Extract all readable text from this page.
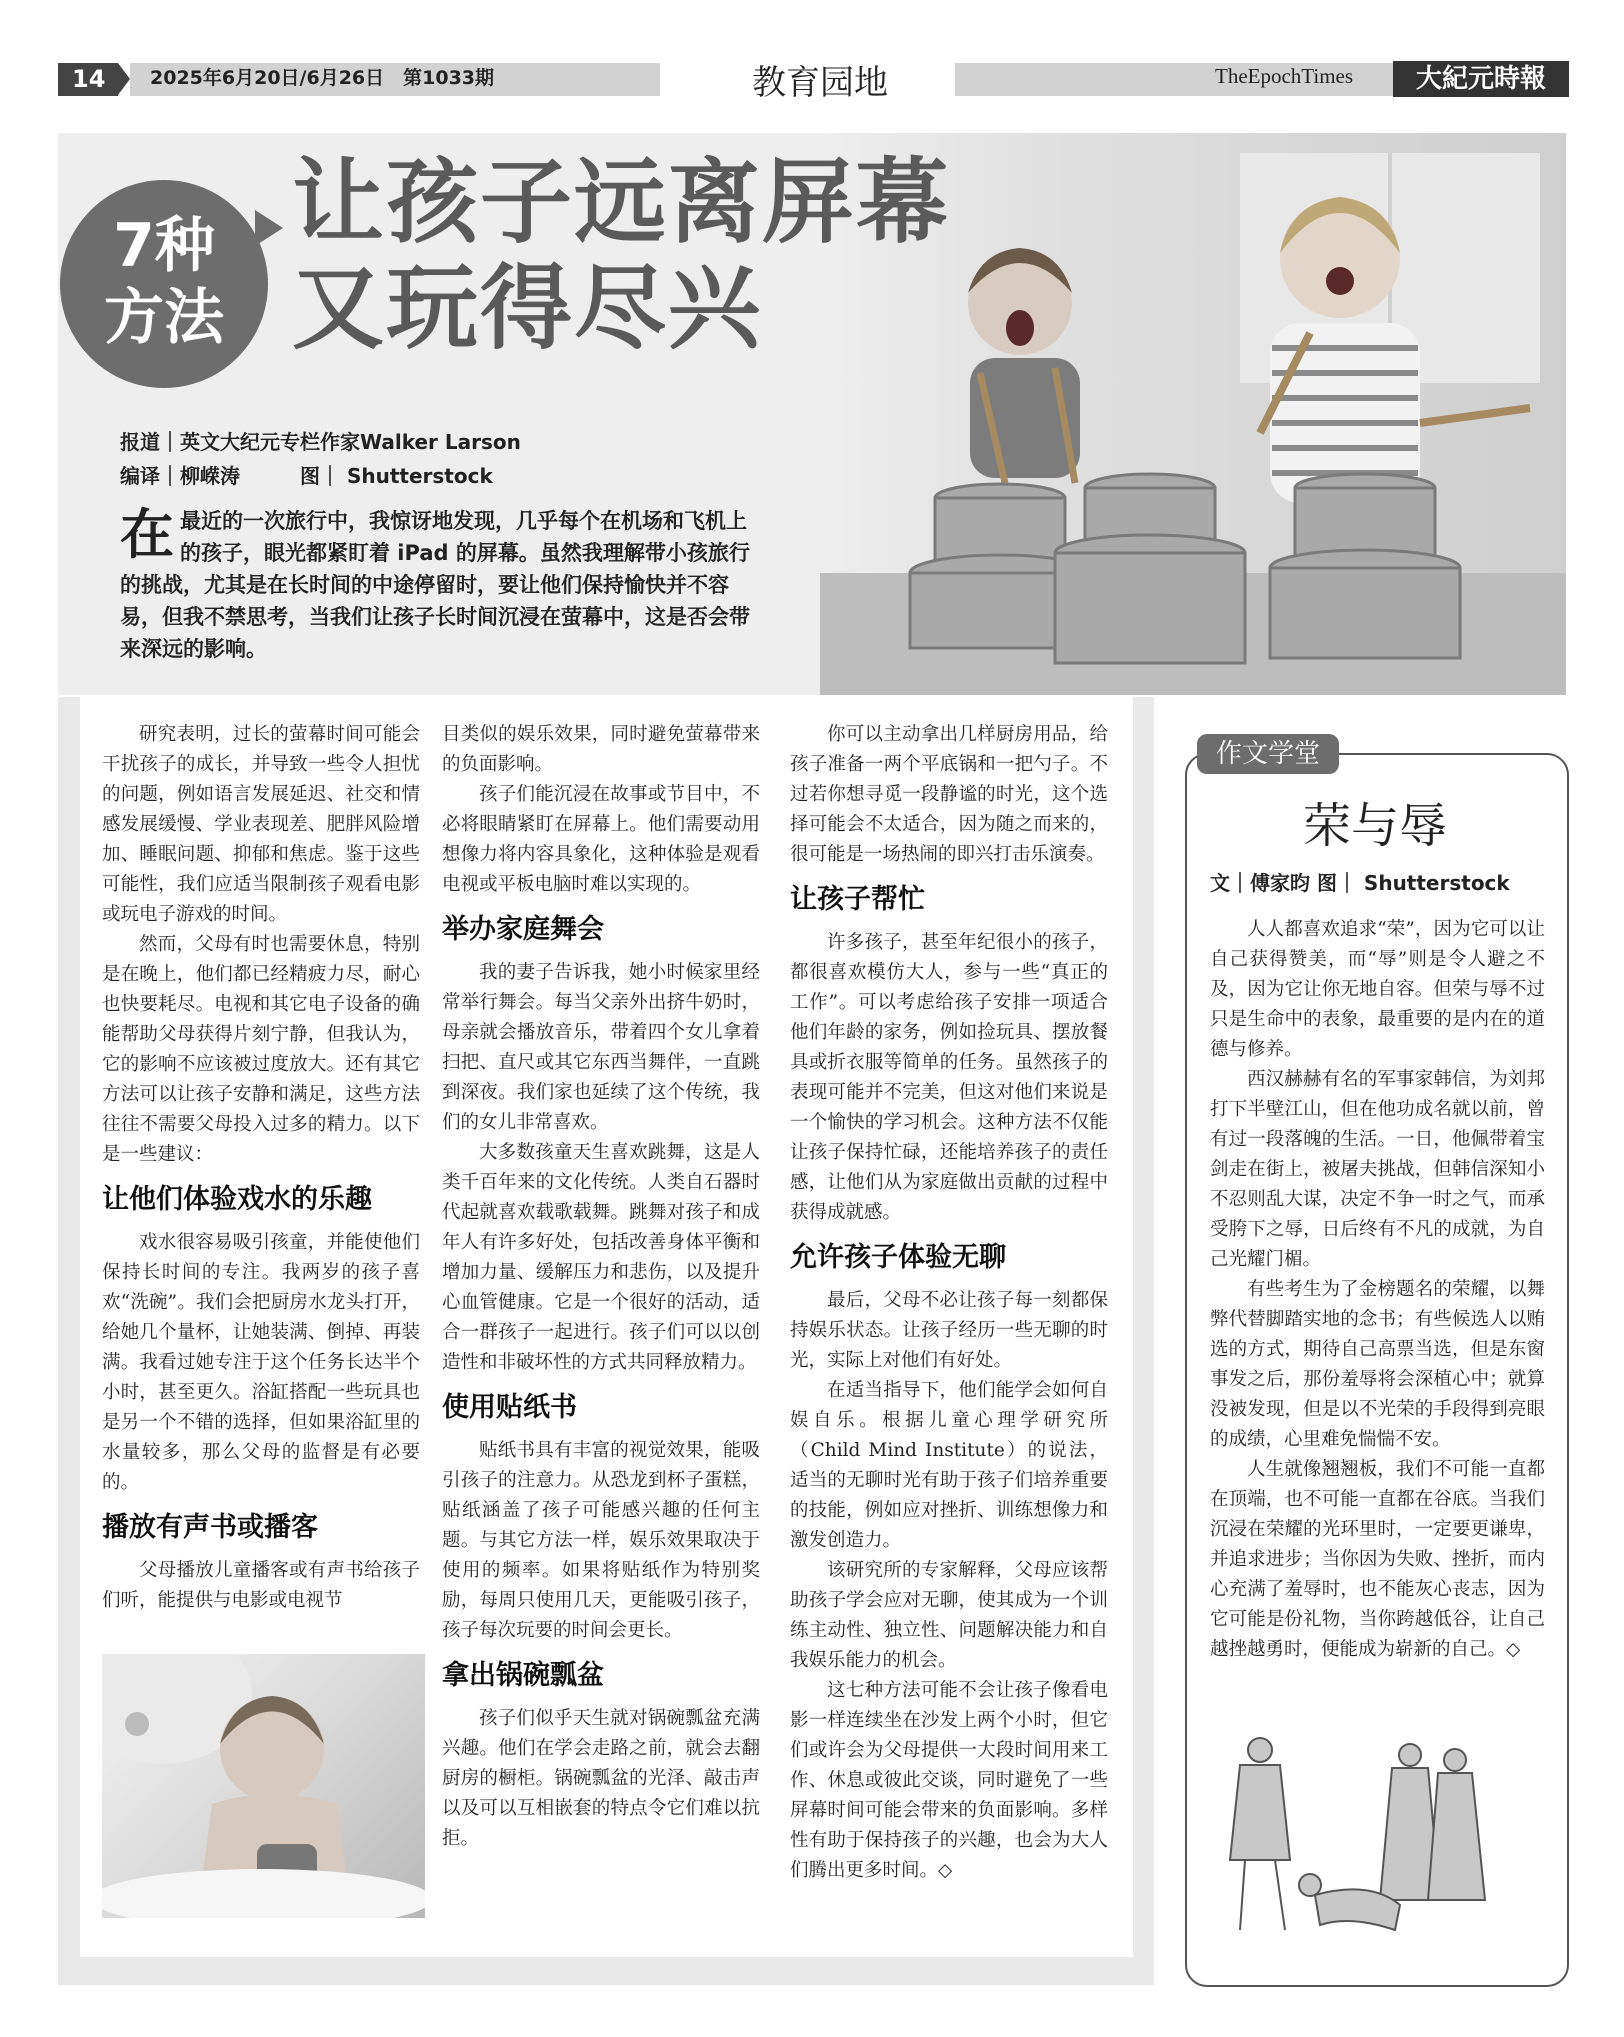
14	2025年6月20日/6月26日　第1033期	教育园地	TheEpochTimes	大紀元時報
7种
方法
让孩子远离屏幕
又玩得尽兴
报道｜英文大纪元专栏作家Walker Larson
编译｜柳嵘涛　　　图｜ Shutterstock
在 最近的一次旅行中，我惊讶地发现，几乎每个在机场和飞机上的孩子，眼光都紧盯着 iPad 的屏幕。虽然我理解带小孩旅行的挑战，尤其是在长时间的中途停留时，要让他们保持愉快并不容易，但我不禁思考，当我们让孩子长时间沉浸在萤幕中，这是否会带来深远的影响。

研究表明，过长的萤幕时间可能会干扰孩子的成长，并导致一些令人担忧的问题，例如语言发展延迟、社交和情感发展缓慢、学业表现差、肥胖风险增加、睡眠问题、抑郁和焦虑。鉴于这些可能性，我们应适当限制孩子观看电影或玩电子游戏的时间。

然而，父母有时也需要休息，特别是在晚上，他们都已经精疲力尽，耐心也快要耗尽。电视和其它电子设备的确能帮助父母获得片刻宁静，但我认为，它的影响不应该被过度放大。还有其它方法可以让孩子安静和满足，这些方法往往不需要父母投入过多的精力。以下是一些建议：

让他们体验戏水的乐趣

戏水很容易吸引孩童，并能使他们保持长时间的专注。我两岁的孩子喜欢“洗碗”。我们会把厨房水龙头打开，给她几个量杯，让她装满、倒掉、再装满。我看过她专注于这个任务长达半个小时，甚至更久。浴缸搭配一些玩具也是另一个不错的选择，但如果浴缸里的水量较多，那么父母的监督是有必要的。

播放有声书或播客

父母播放儿童播客或有声书给孩子们听，能提供与电影或电视节

目类似的娱乐效果，同时避免萤幕带来的负面影响。

孩子们能沉浸在故事或节目中，不必将眼睛紧盯在屏幕上。他们需要动用想像力将内容具象化，这种体验是观看电视或平板电脑时难以实现的。

举办家庭舞会

我的妻子告诉我，她小时候家里经常举行舞会。每当父亲外出挤牛奶时，母亲就会播放音乐，带着四个女儿拿着扫把、直尺或其它东西当舞伴，一直跳到深夜。我们家也延续了这个传统，我们的女儿非常喜欢。

大多数孩童天生喜欢跳舞，这是人类千百年来的文化传统。人类自石器时代起就喜欢载歌载舞。跳舞对孩子和成年人有许多好处，包括改善身体平衡和增加力量、缓解压力和悲伤，以及提升心血管健康。它是一个很好的活动，适合一群孩子一起进行。孩子们可以以创造性和非破坏性的方式共同释放精力。

使用贴纸书

贴纸书具有丰富的视觉效果，能吸引孩子的注意力。从恐龙到杯子蛋糕，贴纸涵盖了孩子可能感兴趣的任何主题。与其它方法一样，娱乐效果取决于使用的频率。如果将贴纸作为特别奖励，每周只使用几天，更能吸引孩子，孩子每次玩要的时间会更长。

拿出锅碗瓢盆

孩子们似乎天生就对锅碗瓢盆充满兴趣。他们在学会走路之前，就会去翻厨房的橱柜。锅碗瓢盆的光泽、敲击声以及可以互相嵌套的特点令它们难以抗拒。

你可以主动拿出几样厨房用品，给孩子准备一两个平底锅和一把勺子。不过若你想寻觅一段静谧的时光，这个选择可能会不太适合，因为随之而来的，很可能是一场热闹的即兴打击乐演奏。

让孩子帮忙

许多孩子，甚至年纪很小的孩子，都很喜欢模仿大人，参与一些“真正的工作”。可以考虑给孩子安排一项适合他们年龄的家务，例如捡玩具、摆放餐具或折衣服等简单的任务。虽然孩子的表现可能并不完美，但这对他们来说是一个愉快的学习机会。这种方法不仅能让孩子保持忙碌，还能培养孩子的责任感，让他们从为家庭做出贡献的过程中获得成就感。

允许孩子体验无聊

最后，父母不必让孩子每一刻都保持娱乐状态。让孩子经历一些无聊的时光，实际上对他们有好处。

在适当指导下，他们能学会如何自娱自乐。根据儿童心理学研究所（Child Mind Institute）的说法，适当的无聊时光有助于孩子们培养重要的技能，例如应对挫折、训练想像力和激发创造力。

该研究所的专家解释，父母应该帮助孩子学会应对无聊，使其成为一个训练主动性、独立性、问题解决能力和自我娱乐能力的机会。

这七种方法可能不会让孩子像看电影一样连续坐在沙发上两个小时，但它们或许会为父母提供一大段时间用来工作、休息或彼此交谈，同时避免了一些屏幕时间可能会带来的负面影响。多样性有助于保持孩子的兴趣，也会为大人们腾出更多时间。◇

作文学堂
荣与辱
文｜傅家昀 图｜ Shutterstock

人人都喜欢追求“荣”，因为它可以让自己获得赞美，而“辱”则是令人避之不及，因为它让你无地自容。但荣与辱不过只是生命中的表象，最重要的是内在的道德与修养。

西汉赫赫有名的军事家韩信，为刘邦打下半壁江山，但在他功成名就以前，曾有过一段落魄的生活。一日，他佩带着宝剑走在街上，被屠夫挑战，但韩信深知小不忍则乱大谋，决定不争一时之气，而承受胯下之辱，日后终有不凡的成就，为自己光耀门楣。

有些考生为了金榜题名的荣耀，以舞弊代替脚踏实地的念书；有些候选人以贿选的方式，期待自己高票当选，但是东窗事发之后，那份羞辱将会深植心中；就算没被发现，但是以不光荣的手段得到亮眼的成绩，心里难免惴惴不安。

人生就像翘翘板，我们不可能一直都在顶端，也不可能一直都在谷底。当我们沉浸在荣耀的光环里时，一定要更谦卑，并追求进步；当你因为失败、挫折，而内心充满了羞辱时，也不能灰心丧志，因为它可能是份礼物，当你跨越低谷，让自己越挫越勇时，便能成为崭新的自己。◇
